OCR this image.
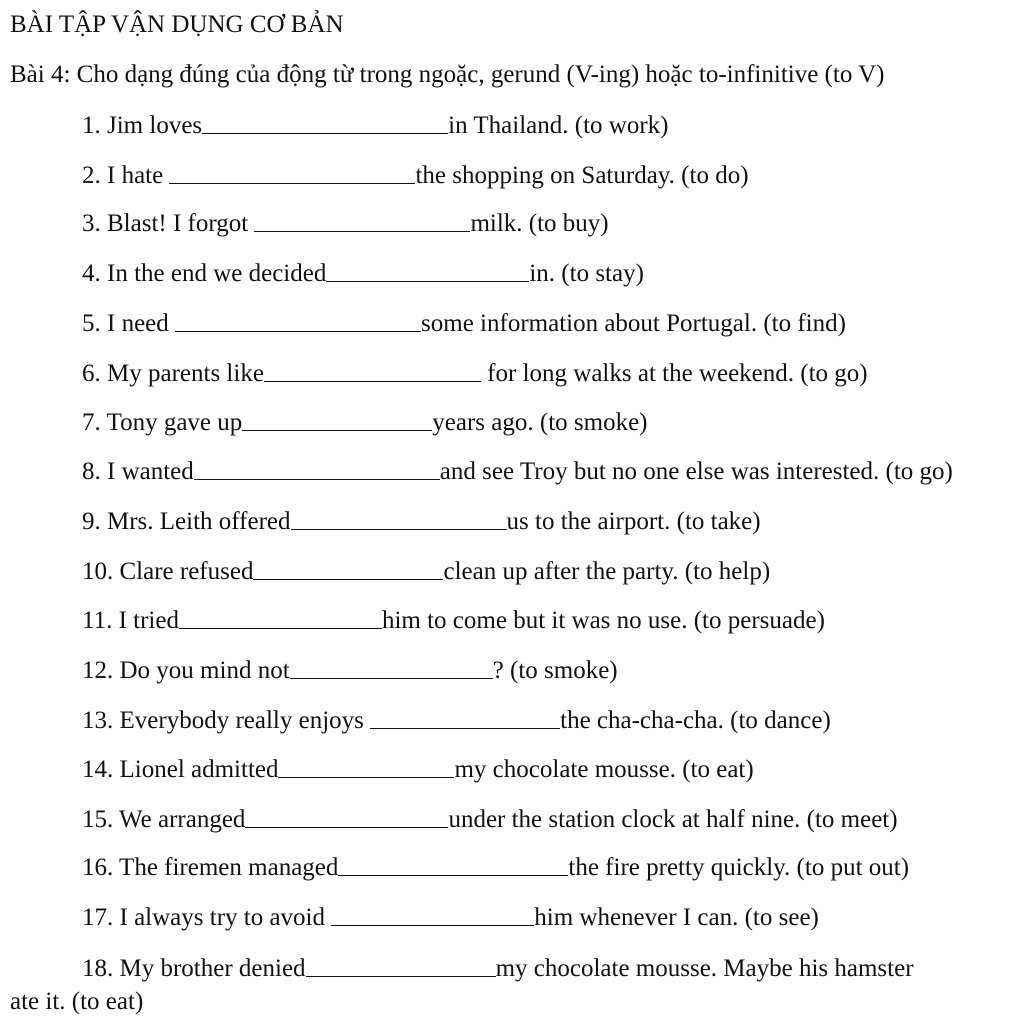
BÀI TẬP VẬN DỤNG CƠ BẢN
Bài 4: Cho dạng đúng của động từ trong ngoặc, gerund (V-ing) hoặc to-infinitive (to V)
1. Jim loves	in Thailand. (to work)
2. I hate	the shopping on Saturday. (to do)
3. Blast! I forgot	milk. (to buy)
4. In the end we decided	in. (to stay)
5. I need	some information about Portugal. (to find)
6. My parents like	for long walks at the weekend. (to go)
7. Tony gave up	years ago. (to smoke)
8. I wanted	and see Troy but no one else was interested. (to go)
9. Mrs. Leith offered	us to the airport. (to take)
10. Clare refused	clean up after the party. (to help)
11. I tried	him to come but it was no use. (to persuade)
12. Do you mind not	? (to smoke)
13. Everybody really enjoys	the cha-cha-cha. (to dance)
14. Lionel admitted	my chocolate mousse. (to eat)
15. We arranged	under the station clock at half nine. (to meet)
16. The firemen managed	the fire pretty quickly. (to put out)
17. I always try to avoid	him whenever I can. (to see)
18. My brother denied	my chocolate mousse. Maybe his hamster ate it. (to eat)
